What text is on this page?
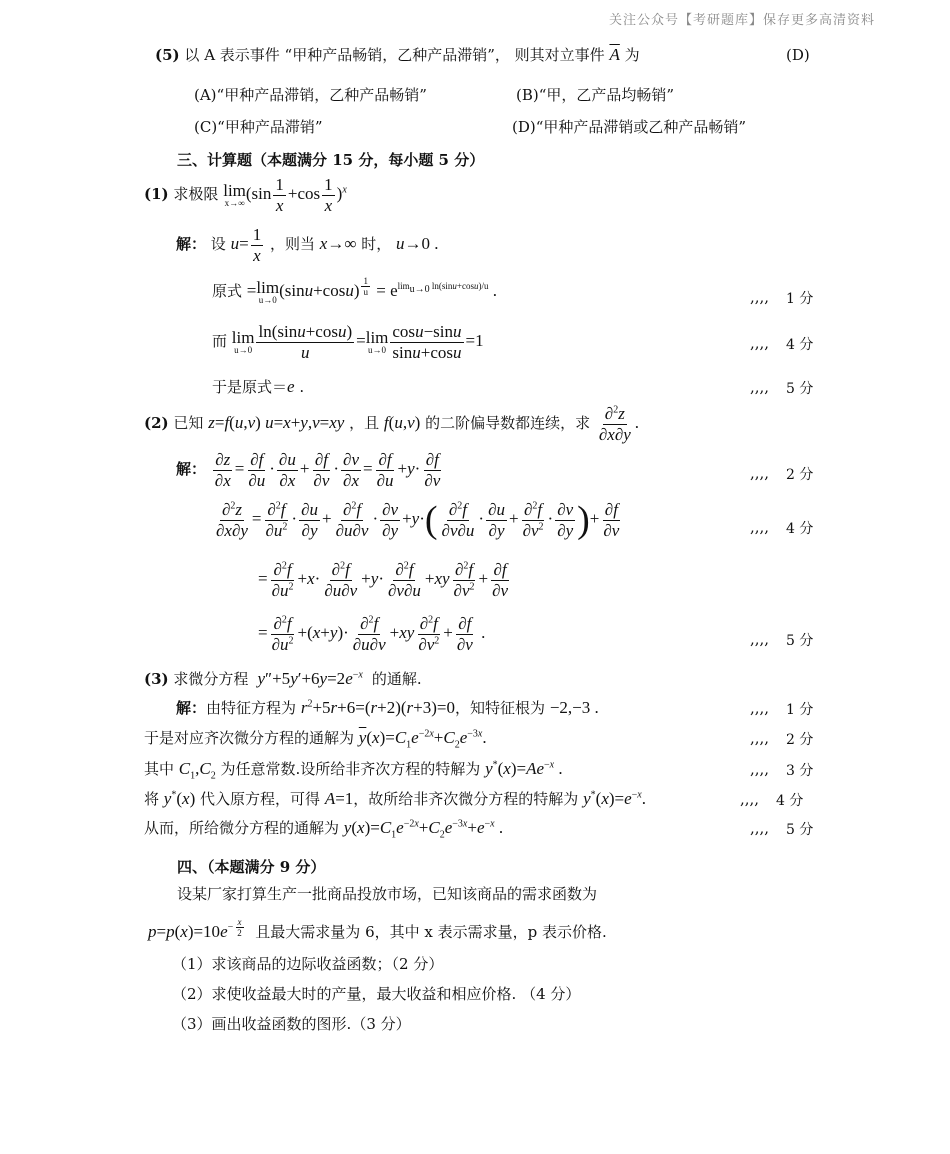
关注公众号【考研题库】保存更多高清资料
(5) 以 A 表示事件 “甲种产品畅销，乙种产品滞销”， 则其对立事件 $\overline{A}$ 为	(D)
(A)“甲种产品滞销，乙种产品畅销”	(B)“甲，乙产品均畅销”
(C)“甲种产品滞销”	(D)“甲种产品滞销或乙种产品畅销”
三、计算题（本题满分 15 分，每小题 5 分）
(1) 求极限 lim
x→∞
$(\sin \frac{1}{x} +\cos \frac{1}{x} )^x$
解： 设 $u= \frac{1}{x}$ ，则当 x→∞ 时， u→0 .
原式 = lim
u→0
(sinu+cosu) $^{\frac{1}{u}} = e^{lim_{u\to 0} ln(sinu+cosu)/u}$ .	,,,, 1 分
而 lim
$u\to 0 \frac{\ln(\sin u+\cos u)}{u} = \lim$
$u\to 0 \frac{\cos u-\sin u}{\sin u+\cos u} =1$	,,,, 4 分
于是原式＝e .	,,,, 5 分
(2) 已知 z=f(u,v) u=x+y,v=xy ，且 f(u,v) 的二阶偏导数都连续，求 $\frac{\partial^2z}{\partial x\partial y}$ .
解： $\frac{\partial z}{\partial x} = \frac{\partial f}{\partial u} \cdot \frac{\partial u}{\partial x} + \frac{\partial f}{\partial v} \cdot \frac{\partial v}{\partial x} = \frac{\partial f}{\partial u} +y\cdot \frac{\partial f}{\partial v}$	,,,, 2 分
$\frac{\partial^2z}{\partial x\partial y} = \frac{\partial^2f}{\partial u^2} \cdot \frac{\partial u}{\partial y} + \frac{\partial^2f}{\partial u\partial v} \cdot \frac{\partial v}{\partial y} +y\cdot( \frac{\partial^2f}{\partial v\partial u} \cdot \frac{\partial u}{\partial y} + \frac{\partial^2f}{\partial v^2} \cdot \frac{\partial v}{\partial y}$ )+ $\frac{\partial f}{\partial v}$	,,,, 4 分
= $\frac{\partial^2f}{\partial u^2} +x\cdot \frac{\partial^2f}{\partial u\partial v} +y\cdot \frac{\partial^2f}{\partial v\partial u} +xy \frac{\partial^2f}{\partial v^2} + \frac{\partial f}{\partial v}$
= $\frac{\partial^2f}{\partial u^2} +(x+y)\cdot \frac{\partial^2f}{\partial u\partial v} +xy \frac{\partial^2f}{\partial v^2} + \frac{\partial f}{\partial v}$ .	,,,, 5 分
(3) 求微分方程 $y''+5y'+6y=2e^{-x}$ 的通解.
解：由特征方程为 $r^2+5r+6=(r+2)(r+3)=0$，知特征根为 −2,−3 .	,,,, 1 分
于是对应齐次微分方程的通解为 $\overline{y}(x)=C_1e^{-2x}+C_2e^{-3x}$.	,,,, 2 分
其中 $C_1,C_2$ 为任意常数.设所给非齐次方程的特解为 $y^*(x)=Ae^{-x}$ .	,,,, 3 分
将 y*(x) 代入原方程，可得 A=1，故所给非齐次微分方程的特解为 $y^*(x)=e^{-x}$.	,,,, 4 分
从而，所给微分方程的通解为 $y(x)=C_1e^{-2x}+C_2e^{-3x}+e^{-x}$ .	,,,, 5 分
四、（本题满分 9 分）
设某厂家打算生产一批商品投放市场，已知该商品的需求函数为
$p=p(x)=10e^{- \frac{x}{2}}$ 且最大需求量为 6，其中 x 表示需求量，p 表示价格.
（1）求该商品的边际收益函数；（2 分）
（2）求使收益最大时的产量，最大收益和相应价格. （4 分）
（3）画出收益函数的图形.（3 分）
